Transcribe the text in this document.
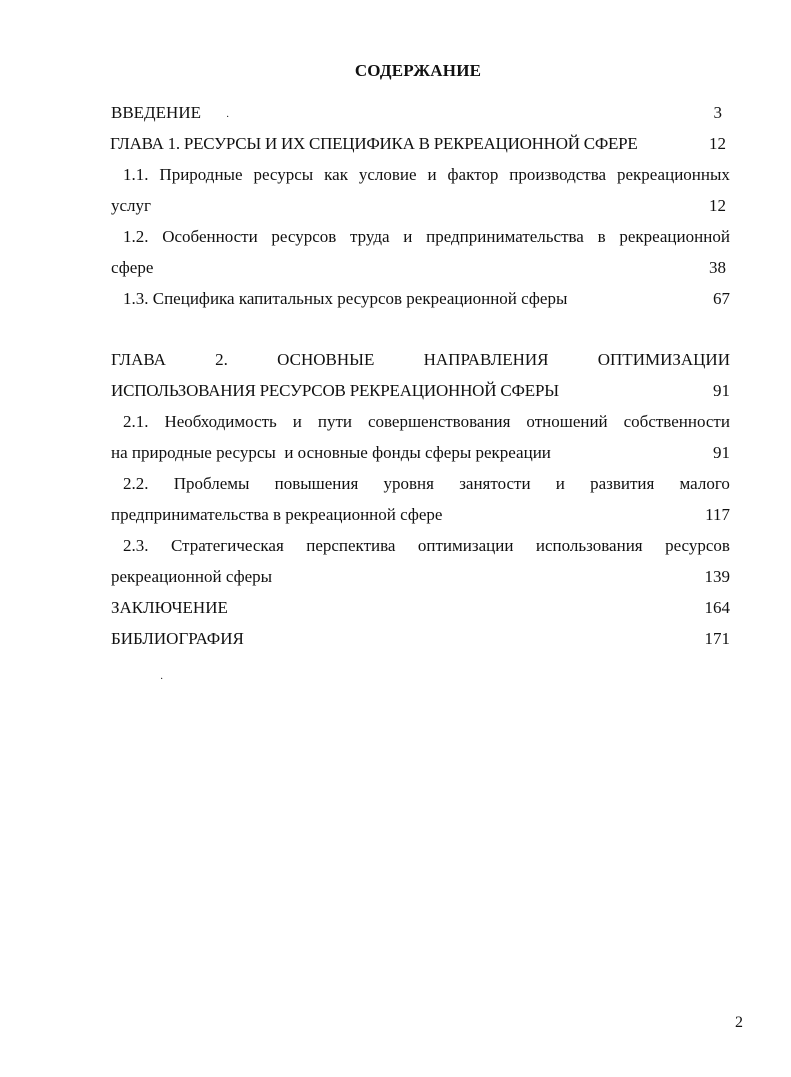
СОДЕРЖАНИЕ
·
ВВЕДЕНИЕ	3
ГЛАВА 1. РЕСУРСЫ И ИХ СПЕЦИФИКА В РЕКРЕАЦИОННОЙ СФЕРЕ	12
1.1. Природные ресурсы как условие и фактор производства рекреационных
услуг	12
1.2. Особенности ресурсов труда и предпринимательства в рекреационной
сфере	38
1.3. Специфика капитальных ресурсов рекреационной сферы	67
ГЛАВА	2.	ОСНОВНЫЕ	НАПРАВЛЕНИЯ	ОПТИМИЗАЦИИ
ИСПОЛЬЗОВАНИЯ РЕСУРСОВ РЕКРЕАЦИОННОЙ СФЕРЫ	91
2.1. Необходимость и пути совершенствования отношений собственности
на природные ресурсы  и основные фонды сферы рекреации	91
2.2. Проблемы повышения уровня занятости и развития малого
предпринимательства в рекреационной сфере	117
2.3. Стратегическая перспектива оптимизации использования ресурсов
рекреационной сферы	139
ЗАКЛЮЧЕНИЕ	164
БИБЛИОГРАФИЯ	171
·
2
